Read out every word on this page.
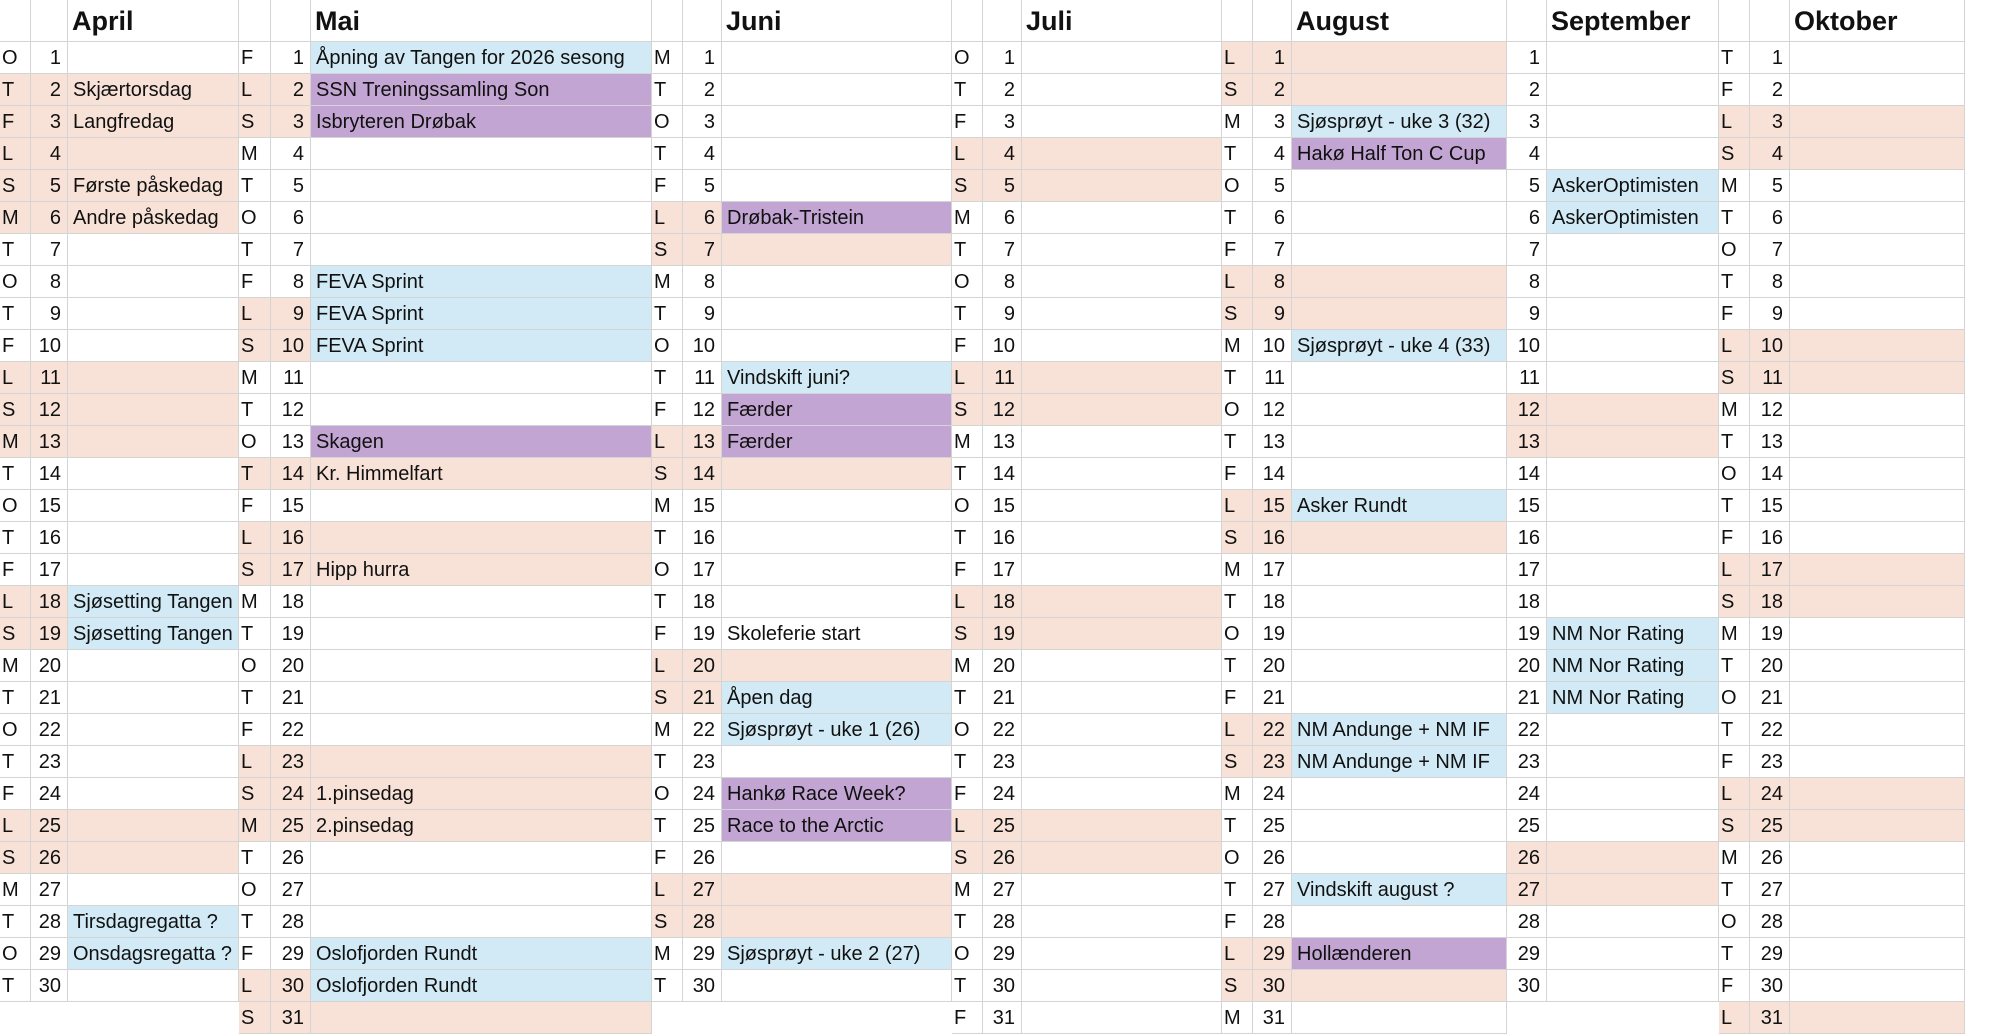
April
O	1
T	2 Skjærtorsdag
F	3 Langfredag
L	4
S	5 Første påskedag
M	6 Andre påskedag
T	7
O	8
T	9
F	10
L	11
S	12
M	13
T	14
O	15
T	16
F	17
L	18 Sjøsetting Tangen
S	19 Sjøsetting Tangen
M	20
T	21
O	22
T	23
F	24
L	25
S	26
M	27
T	28 Tirsdagregatta ?
O	29 Onsdagsregatta ?
T	30
Mai
F	1 Åpning av Tangen for 2026 sesong
L	2 SSN Treningssamling Son
S	3 Isbryteren Drøbak
M	4
T	5
O	6
T	7
F	8 FEVA Sprint
L	9 FEVA Sprint
S	10 FEVA Sprint
M	11
T	12
O	13 Skagen
T	14 Kr. Himmelfart
F	15
L	16
S	17 Hipp hurra
M	18
T	19
O	20
T	21
F	22
L	23
S	24 1.pinsedag
M	25 2.pinsedag
T	26
O	27
T	28
F	29 Oslofjorden Rundt
L	30 Oslofjorden Rundt
S	31
Juni
M	1
T	2
O	3
T	4
F	5
L	6 Drøbak-Tristein
S	7
M	8
T	9
O	10
T	11 Vindskift juni?
F	12 Færder
L	13 Færder
S	14
M	15
T	16
O	17
T	18
F	19 Skoleferie start
L	20
S	21 Åpen dag
M	22 Sjøsprøyt - uke 1 (26)
T	23
O	24 Hankø Race Week?
T	25 Race to the Arctic
F	26
L	27
S	28
M	29 Sjøsprøyt - uke 2 (27)
T	30
Juli
O	1
T	2
F	3
L	4
S	5
M	6
T	7
O	8
T	9
F	10
L	11
S	12
M	13
T	14
O	15
T	16
F	17
L	18
S	19
M	20
T	21
O	22
T	23
F	24
L	25
S	26
M	27
T	28
O	29
T	30
F	31
August
L	1
S	2
M	3 Sjøsprøyt - uke 3 (32)
T	4 Hakø Half Ton C Cup
O	5
T	6
F	7
L	8
S	9
M	10 Sjøsprøyt - uke 4 (33)
T	11
O	12
T	13
F	14
L	15 Asker Rundt
S	16
M	17
T	18
O	19
T	20
F	21
L	22 NM Andunge + NM IF
S	23 NM Andunge + NM IF
M	24
T	25
O	26
T	27 Vindskift august ?
F	28
L	29 Hollænderen
S	30
M	31
September
1
2
3
4
5 AskerOptimisten
6 AskerOptimisten
7
8
9
10
11
12
13
14
15
16
17
18
19 NM Nor Rating
20 NM Nor Rating
21 NM Nor Rating
22
23
24
25
26
27
28
29
30
Oktober
T	1
F	2
L	3
S	4
M	5
T	6
O	7
T	8
F	9
L	10
S	11
M	12
T	13
O	14
T	15
F	16
L	17
S	18
M	19
T	20
O	21
T	22
F	23
L	24
S	25
M	26
T	27
O	28
T	29
F	30
L	31
